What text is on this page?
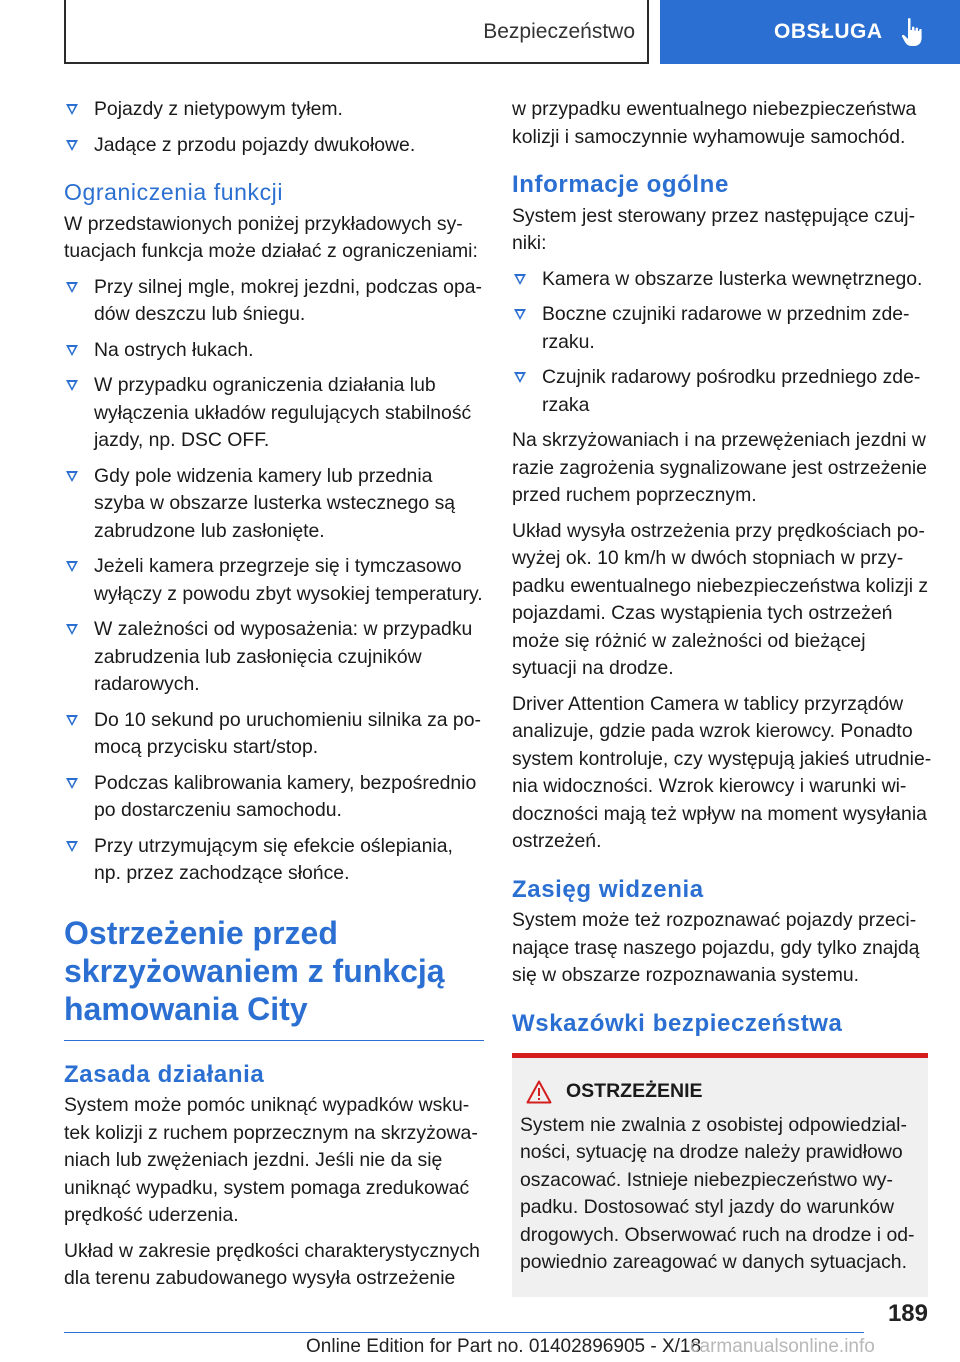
Bezpieczeństwo	OBSŁUGA
Pojazdy z nietypowym tyłem.
Jadące z przodu pojazdy dwukołowe.
Ograniczenia funkcji

W przedstawionych poniżej przykładowych sytuacjach funkcja może działać z ograniczeniami:

Przy silnej mgle, mokrej jezdni, podczas opadów deszczu lub śniegu.
Na ostrych łukach.
W przypadku ograniczenia działania lub wyłączenia układów regulujących stabilność jazdy, np. DSC OFF.
Gdy pole widzenia kamery lub przednia szyba w obszarze lusterka wstecznego są zabrudzone lub zasłonięte.
Jeżeli kamera przegrzeje się i tymczasowo wyłączy z powodu zbyt wysokiej temperatury.
W zależności od wyposażenia: w przypadku zabrudzenia lub zasłonięcia czujników radarowych.
Do 10 sekund po uruchomieniu silnika za pomocą przycisku start/stop.
Podczas kalibrowania kamery, bezpośrednio po dostarczeniu samochodu.
Przy utrzymującym się efekcie oślepiania, np. przez zachodzące słońce.
Ostrzeżenie przed skrzyżowaniem z funkcją hamowania City
Zasada działania

System może pomóc uniknąć wypadków wskutek kolizji z ruchem poprzecznym na skrzyżowaniach lub zwężeniach jezdni. Jeśli nie da się uniknąć wypadku, system pomaga zredukować prędkość uderzenia.

Układ w zakresie prędkości charakterystycznych dla terenu zabudowanego wysyła ostrzeżenie

w przypadku ewentualnego niebezpieczeństwa kolizji i samoczynnie wyhamowuje samochód.

Informacje ogólne

System jest sterowany przez następujące czujniki:

Kamera w obszarze lusterka wewnętrznego.
Boczne czujniki radarowe w przednim zderzaku.
Czujnik radarowy pośrodku przedniego zderzaka

Na skrzyżowaniach i na przewężeniach jezdni w razie zagrożenia sygnalizowane jest ostrzeżenie przed ruchem poprzecznym.

Układ wysyła ostrzeżenia przy prędkościach powyżej ok. 10 km/h w dwóch stopniach w przypadku ewentualnego niebezpieczeństwa kolizji z pojazdami. Czas wystąpienia tych ostrzeżeń może się różnić w zależności od bieżącej sytuacji na drodze.

Driver Attention Camera w tablicy przyrządów analizuje, gdzie pada wzrok kierowcy. Ponadto system kontroluje, czy występują jakieś utrudnienia widoczności. Wzrok kierowcy i warunki widoczności mają też wpływ na moment wysyłania ostrzeżeń.

Zasięg widzenia

System może też rozpoznawać pojazdy przecinające trasę naszego pojazdu, gdy tylko znajdą się w obszarze rozpoznawania systemu.

Wskazówki bezpieczeństwa
OSTRZEŻENIE

System nie zwalnia z osobistej odpowiedzialności, sytuację na drodze należy prawidłowo oszacować. Istnieje niebezpieczeństwo wypadku. Dostosować styl jazdy do warunków drogowych. Obserwować ruch na drodze i odpowiednio zareagować w danych sytuacjach.

189
Online Edition for Part no. 01402896905 - X/18
carmanualsonline.info
